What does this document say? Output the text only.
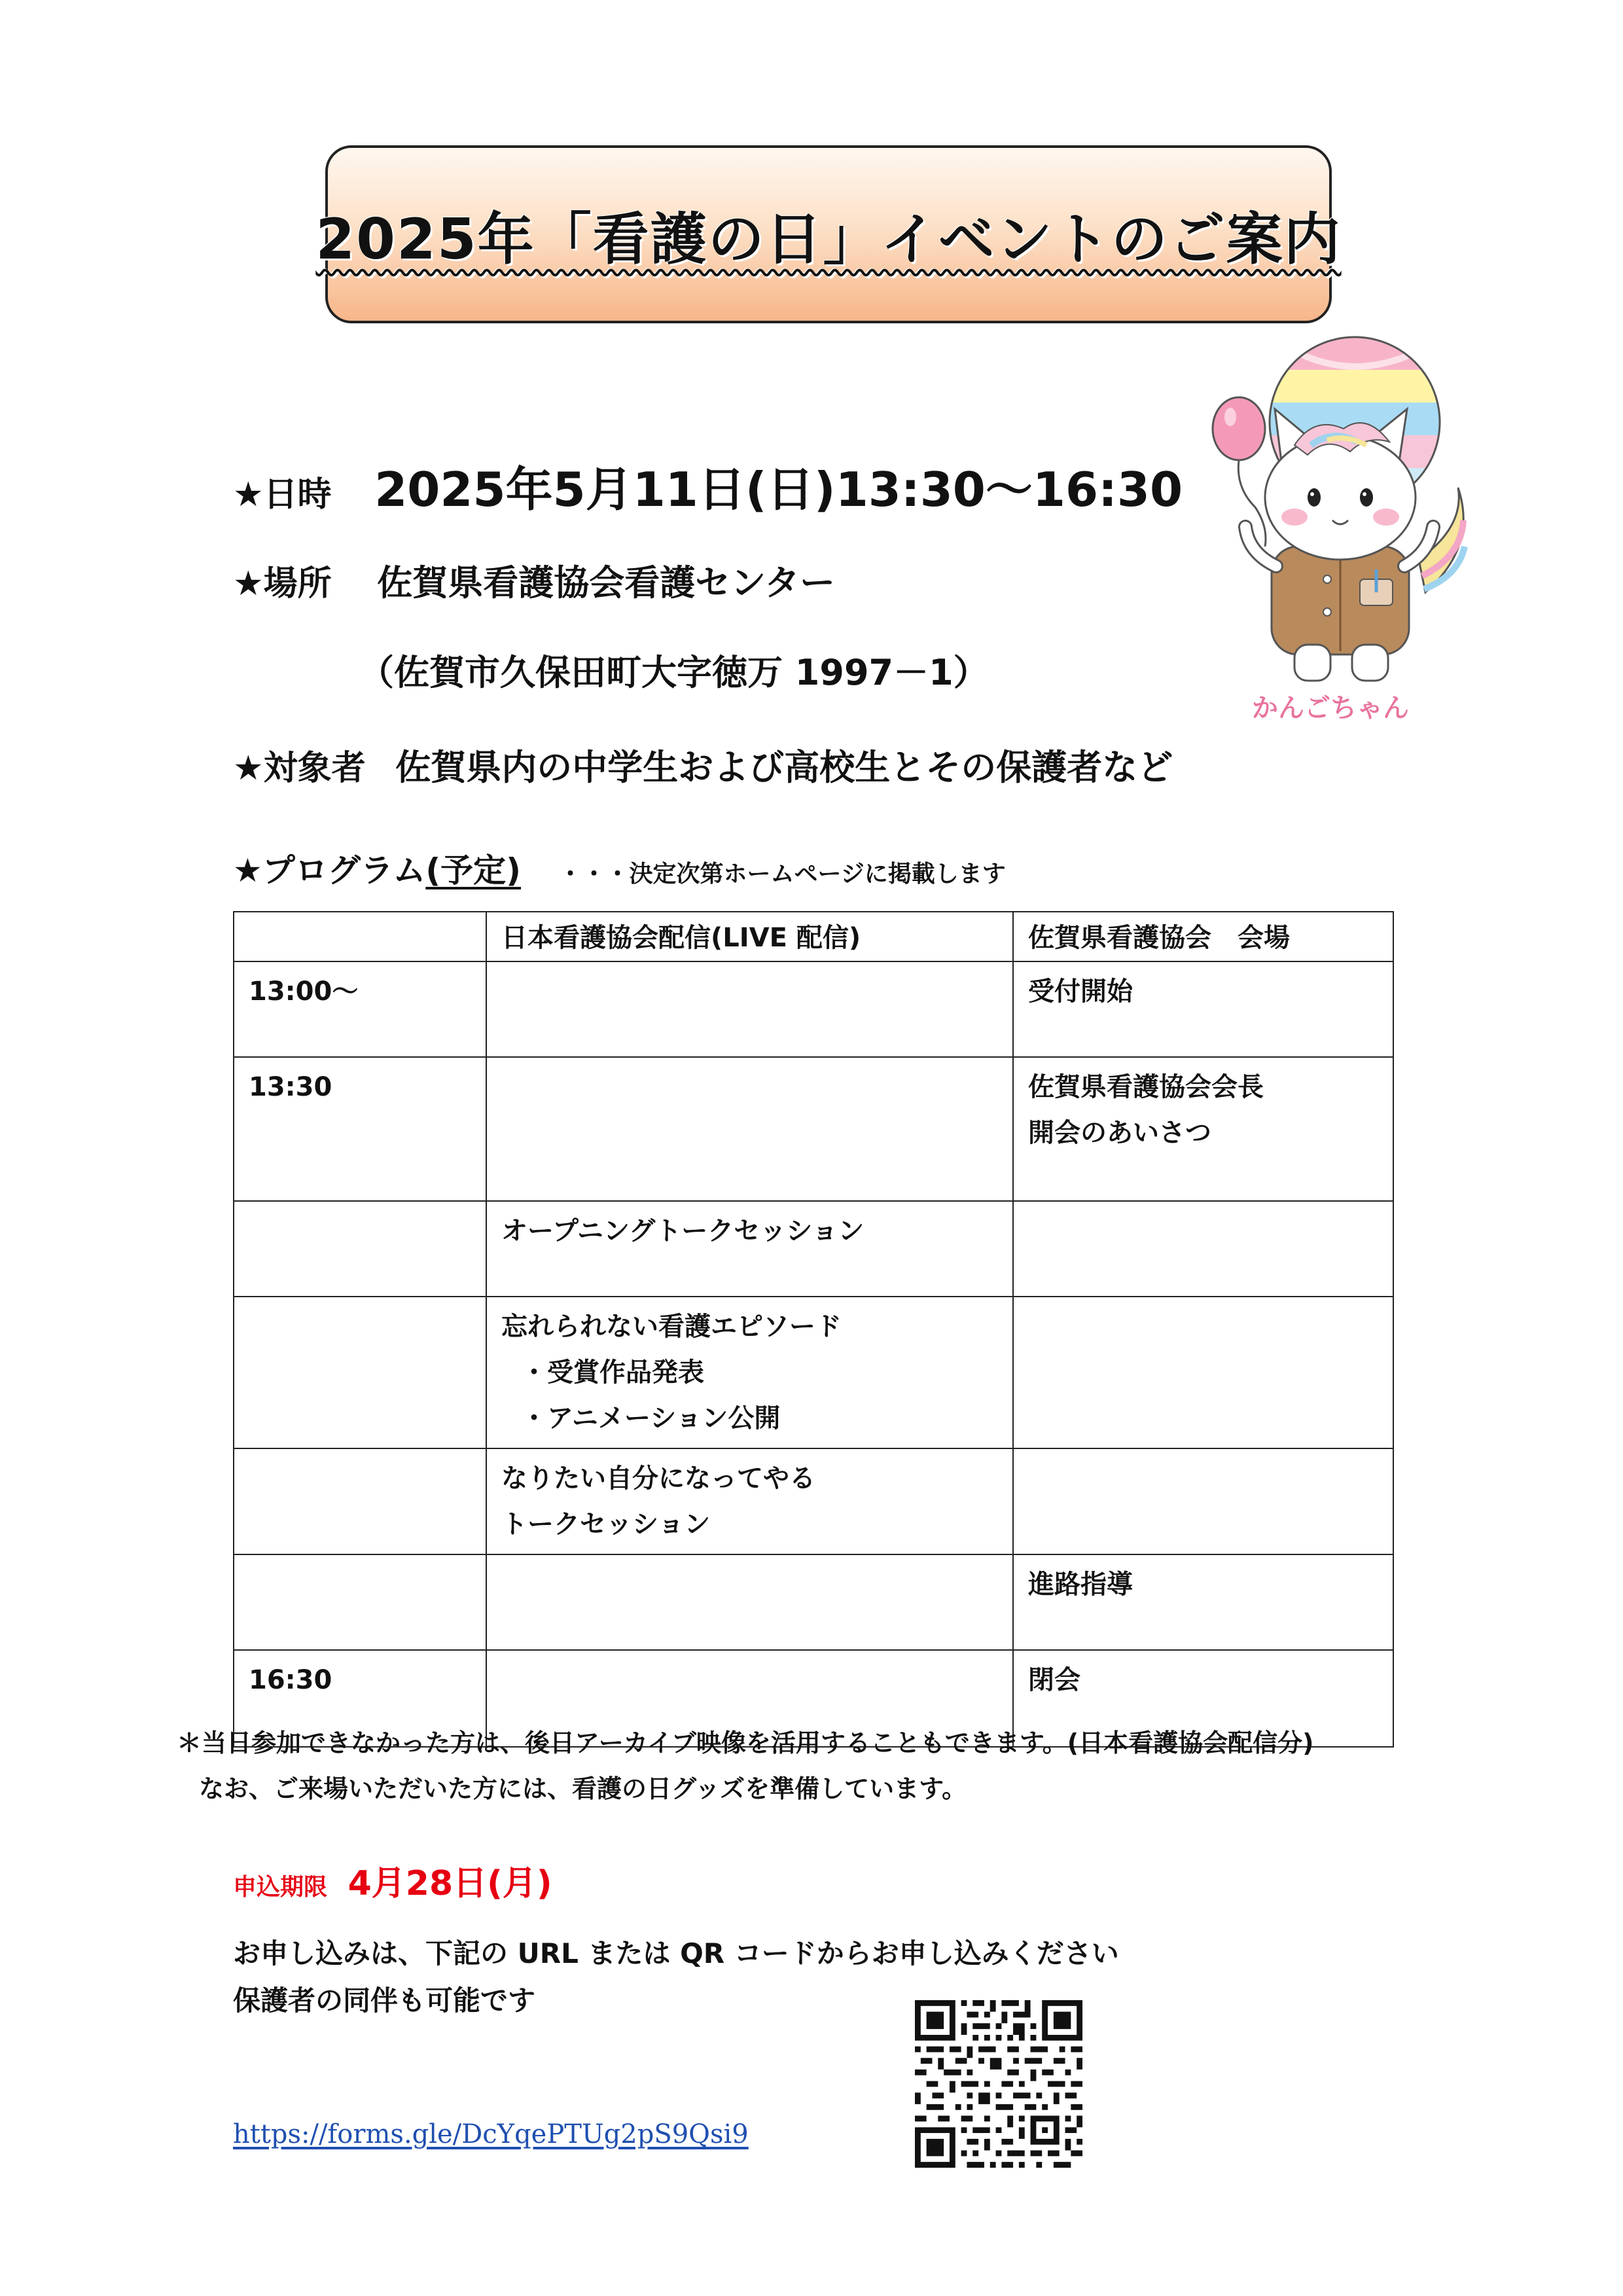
2025年「看護の日」イベントのご案内
★日時 2025年5月11日(日)13:30～16:30
★場所 佐賀県看護協会看護センター
（佐賀市久保田町大字徳万 1997－1）
★対象者 佐賀県内の中学生および高校生とその保護者など
★プログラム(予定) ・・・決定次第ホームページに掲載します
	日本看護協会配信(LIVE 配信)	佐賀県看護協会　会場
13:00～		受付開始
13:30		佐賀県看護協会会長
開会のあいさつ

	オープニングトークセッション	

	忘れられない看護エピソード
・受賞作品発表
・アニメーション公開	

	なりたい自分になってやる
トークセッション	

		進路指導
16:30		閉会
＊当日参加できなかった方は、後日アーカイブ映像を活用することもできます。(日本看護協会配信分)
なお、ご来場いただいた方には、看護の日グッズを準備しています。
申込期限 4月28日(月)
お申し込みは、下記の URL または QR コードからお申し込みください
保護者の同伴も可能です
https://forms.gle/DcYqePTUg2pS9Qsi9
かんごちゃん
